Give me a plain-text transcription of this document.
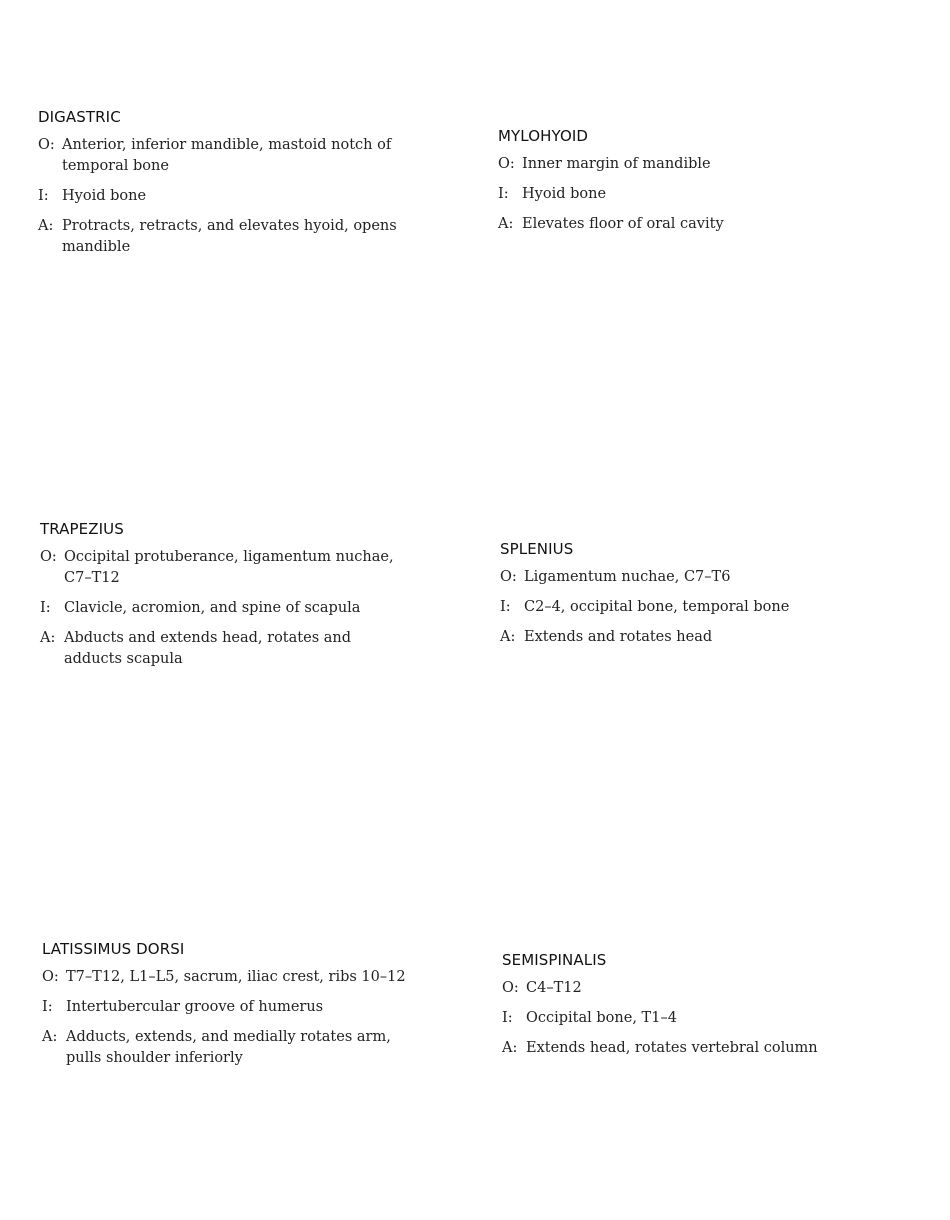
DIGASTRIC
O: Anterior, inferior mandible, mastoid notch of temporal bone
I: Hyoid bone
A: Protracts, retracts, and elevates hyoid, opens mandible
MYLOHYOID
O: Inner margin of mandible
I: Hyoid bone
A: Elevates floor of oral cavity
TRAPEZIUS
O: Occipital protuberance, ligamentum nuchae, C7–T12
I: Clavicle, acromion, and spine of scapula
A: Abducts and extends head, rotates and adducts scapula
SPLENIUS
O: Ligamentum nuchae, C7–T6
I: C2–4, occipital bone, temporal bone
A: Extends and rotates head
LATISSIMUS DORSI
O: T7–T12, L1–L5, sacrum, iliac crest, ribs 10–12
I: Intertubercular groove of humerus
A: Adducts, extends, and medially rotates arm, pulls shoulder inferiorly
SEMISPINALIS
O: C4–T12
I: Occipital bone, T1–4
A: Extends head, rotates vertebral column
